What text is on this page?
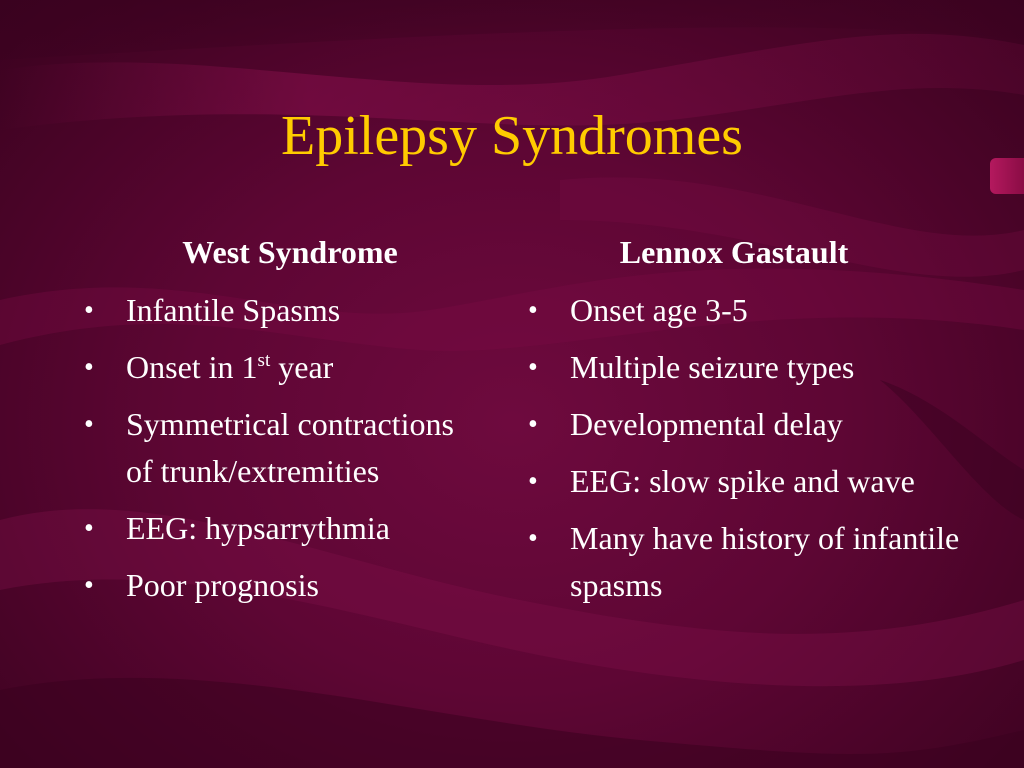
Epilepsy Syndromes
West Syndrome
•	Infantile Spasms
•	Onset in 1st year
•	Symmetrical contractions of trunk/extremities
•	EEG: hypsarrythmia
•	Poor prognosis
Lennox Gastault
•	Onset age 3-5
•	Multiple seizure types
•	Developmental delay
•	EEG: slow spike and wave
•	Many have history of infantile spasms
